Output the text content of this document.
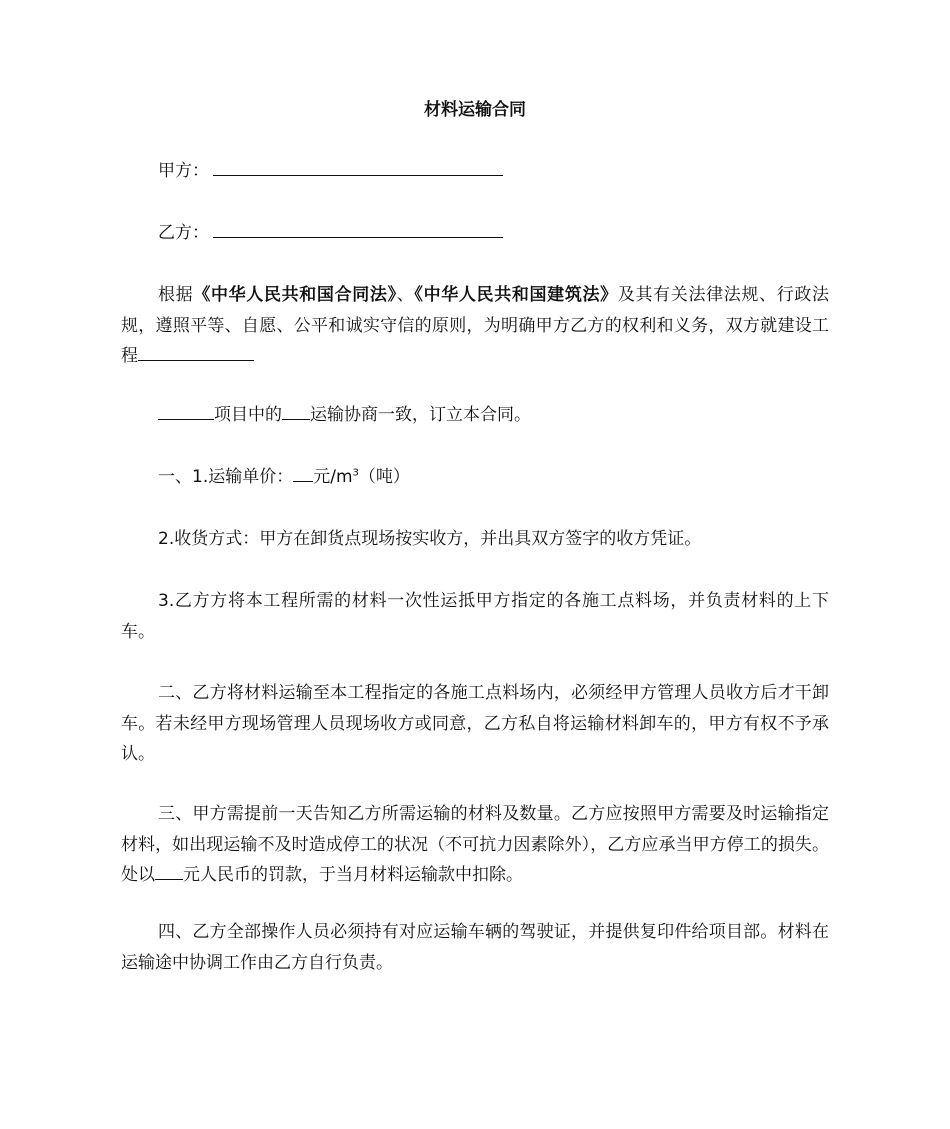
材料运输合同
甲方：
乙方：
根据《中华人民共和国合同法》、《中华人民共和国建筑法》及其有关法律法规、行政法规，遵照平等、自愿、公平和诚实守信的原则，为明确甲方乙方的权利和义务，双方就建设工程
项目中的 运输协商一致，订立本合同。
一、1.运输单价： 元$/m^3$（吨）
2.收货方式：甲方在卸货点现场按实收方，并出具双方签字的收方凭证。
3.乙方方将本工程所需的材料一次性运抵甲方指定的各施工点料场，并负责材料的上下车。
二、乙方将材料运输至本工程指定的各施工点料场内，必须经甲方管理人员收方后才干卸车。若未经甲方现场管理人员现场收方或同意，乙方私自将运输材料卸车的，甲方有权不予承认。
三、甲方需提前一天告知乙方所需运输的材料及数量。乙方应按照甲方需要及时运输指定材料，如出现运输不及时造成停工的状况（不可抗力因素除外），乙方应承当甲方停工的损失。处以 元人民币的罚款，于当月材料运输款中扣除。
四、乙方全部操作人员必须持有对应运输车辆的驾驶证，并提供复印件给项目部。材料在运输途中协调工作由乙方自行负责。
